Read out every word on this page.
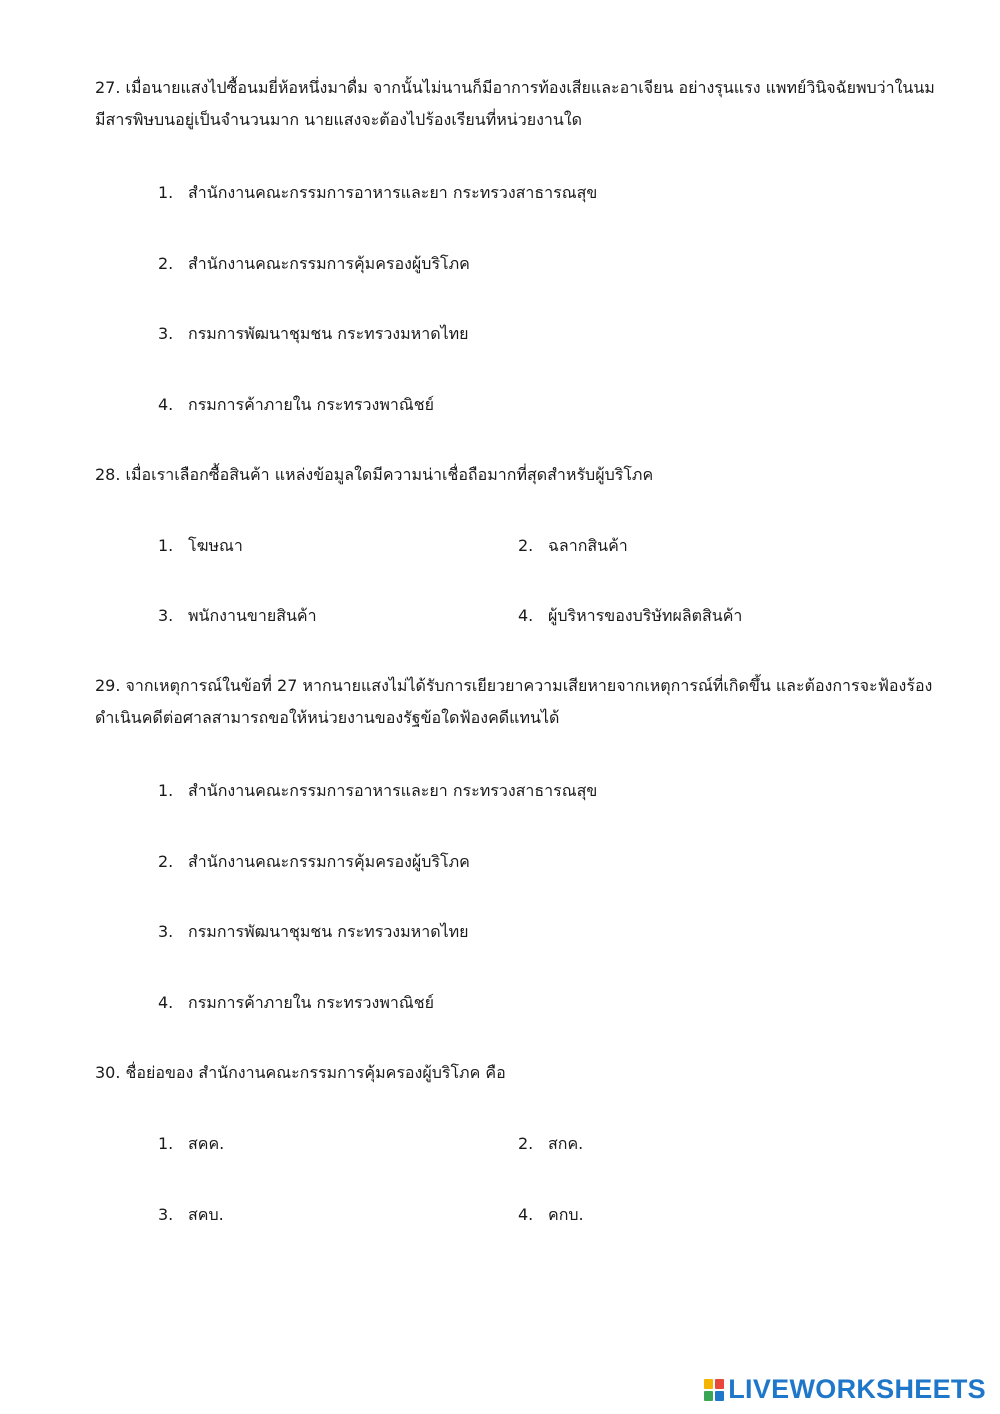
27. เมื่อนายแสงไปซื้อนมยี่ห้อหนึ่งมาดื่ม จากนั้นไม่นานก็มีอาการท้องเสียและอาเจียน อย่างรุนแรง แพทย์วินิจฉัยพบว่าในนมมีสารพิษบนอยู่เป็นจำนวนมาก นายแสงจะต้องไปร้องเรียนที่หน่วยงานใด

1. สำนักงานคณะกรรมการอาหารและยา กระทรวงสาธารณสุข
2. สำนักงานคณะกรรมการคุ้มครองผู้บริโภค
3. กรมการพัฒนาชุมชน กระทรวงมหาดไทย
4. กรมการค้าภายใน กระทรวงพาณิชย์

28. เมื่อเราเลือกซื้อสินค้า แหล่งข้อมูลใดมีความน่าเชื่อถือมากที่สุดสำหรับผู้บริโภค

1. โฆษณา	2. ฉลากสินค้า
3. พนักงานขายสินค้า	4. ผู้บริหารของบริษัทผลิตสินค้า

29. จากเหตุการณ์ในข้อที่ 27 หากนายแสงไม่ได้รับการเยียวยาความเสียหายจากเหตุการณ์ที่เกิดขึ้น และต้องการจะฟ้องร้องดำเนินคดีต่อศาลสามารถขอให้หน่วยงานของรัฐข้อใดฟ้องคดีแทนได้

1. สำนักงานคณะกรรมการอาหารและยา กระทรวงสาธารณสุข
2. สำนักงานคณะกรรมการคุ้มครองผู้บริโภค
3. กรมการพัฒนาชุมชน กระทรวงมหาดไทย
4. กรมการค้าภายใน กระทรวงพาณิชย์

30. ชื่อย่อของ สำนักงานคณะกรรมการคุ้มครองผู้บริโภค คือ

1. สคค.	2. สกค.
3. สคบ.	4. คกบ.
LIVEWORKSHEETS
